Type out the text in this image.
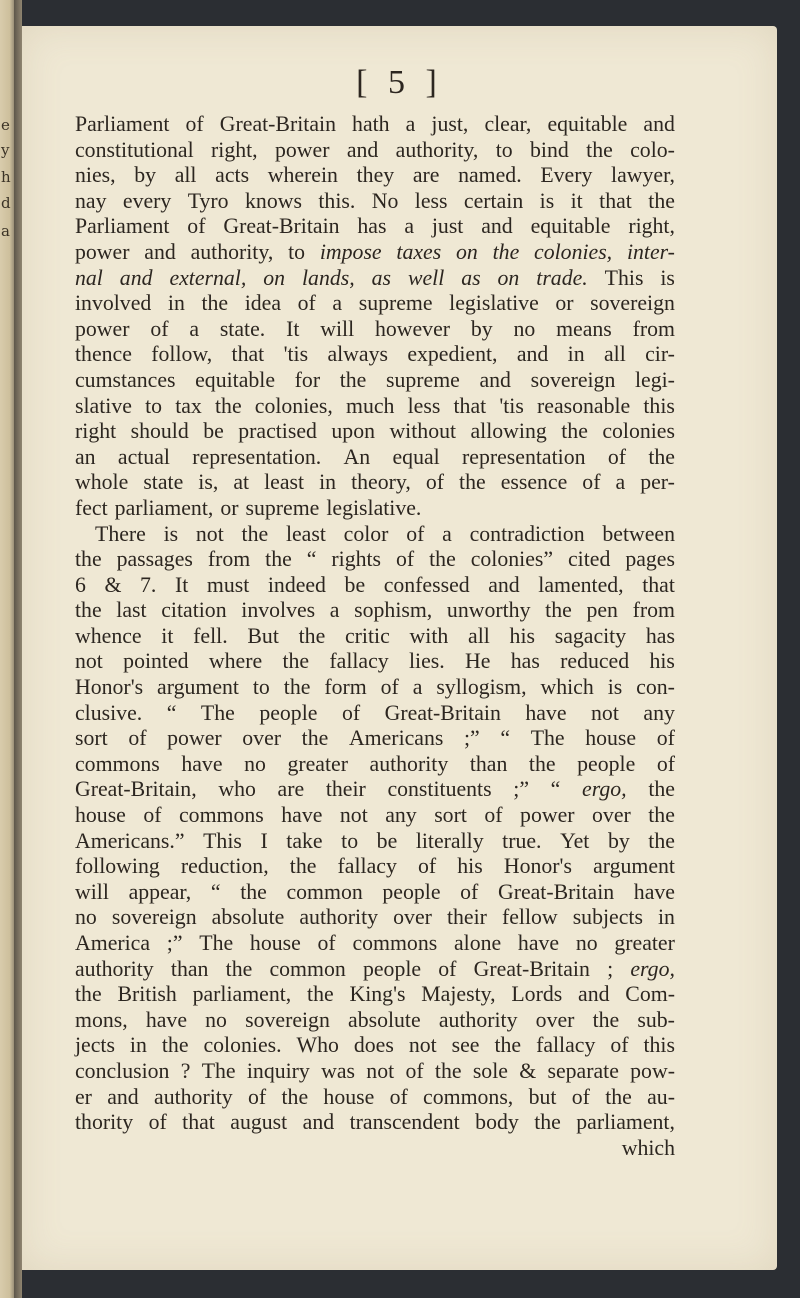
e
y
h
d
a
[ 5 ]
Parliament of Great-Britain hath a just, clear, equitable and
constitutional right, power and authority, to bind the colo-
nies, by all acts wherein they are named. Every lawyer,
nay every Tyro knows this. No less certain is it that the
Parliament of Great-Britain has a just and equitable right,
power and authority, to impose taxes on the colonies, inter-
nal and external, on lands, as well as on trade. This is
involved in the idea of a supreme legislative or sovereign
power of a state. It will however by no means from
thence follow, that 'tis always expedient, and in all cir-
cumstances equitable for the supreme and sovereign legi-
slative to tax the colonies, much less that 'tis reasonable this
right should be practised upon without allowing the colonies
an actual representation. An equal representation of the
whole state is, at least in theory, of the essence of a per-
fect parliament, or supreme legislative.
There is not the least color of a contradiction between
the passages from the “ rights of the colonies” cited pages
6 & 7. It must indeed be confessed and lamented, that
the last citation involves a sophism, unworthy the pen from
whence it fell. But the critic with all his sagacity has
not pointed where the fallacy lies. He has reduced his
Honor's argument to the form of a syllogism, which is con-
clusive. “ The people of Great-Britain have not any
sort of power over the Americans ;” “ The house of
commons have no greater authority than the people of
Great-Britain, who are their constituents ;” “ ergo, the
house of commons have not any sort of power over the
Americans.” This I take to be literally true. Yet by the
following reduction, the fallacy of his Honor's argument
will appear, “ the common people of Great-Britain have
no sovereign absolute authority over their fellow subjects in
America ;” The house of commons alone have no greater
authority than the common people of Great-Britain ; ergo,
the British parliament, the King's Majesty, Lords and Com-
mons, have no sovereign absolute authority over the sub-
jects in the colonies. Who does not see the fallacy of this
conclusion ? The inquiry was not of the sole & separate pow-
er and authority of the house of commons, but of the au-
thority of that august and transcendent body the parliament,
which
